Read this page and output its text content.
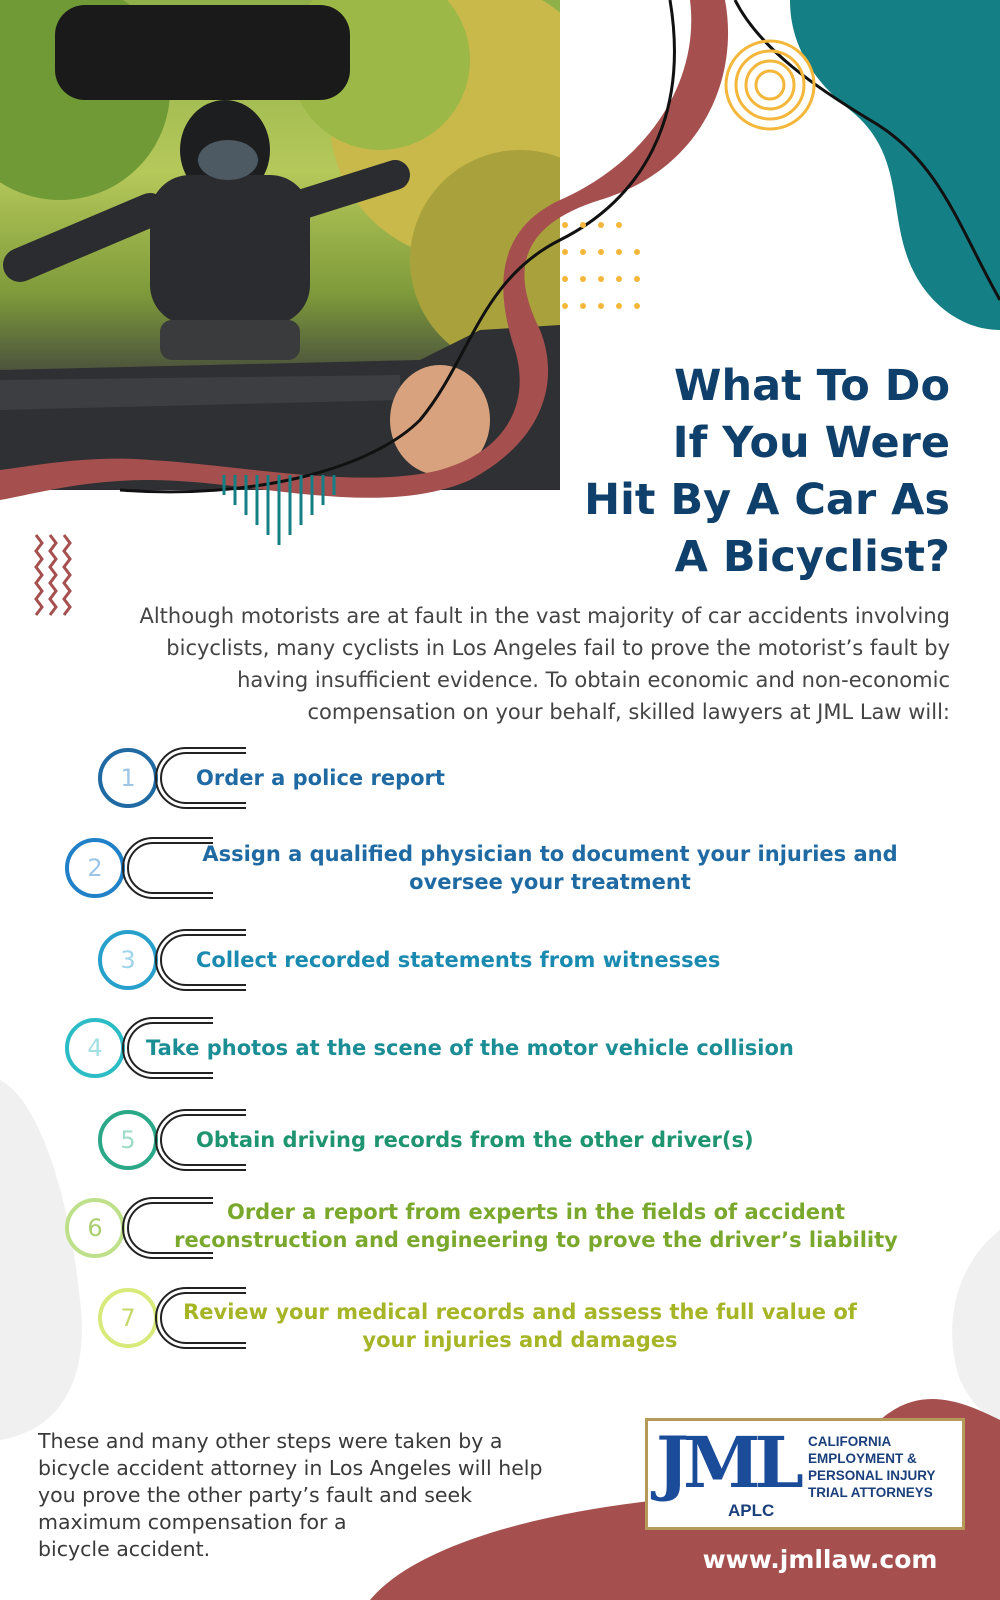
What To Do
If You Were
Hit By A Car As
A Bicyclist?

Although motorists are at fault in the vast majority of car accidents involving bicyclists, many cyclists in Los Angeles fail to prove the motorist’s fault by having insufficient evidence. To obtain economic and non-economic compensation on your behalf, skilled lawyers at JML Law will:

1	Order a police report
2	Assign a qualified physician to document your injuries and oversee your treatment
3	Collect recorded statements from witnesses
4	Take photos at the scene of the motor vehicle collision
5	Obtain driving records from the other driver(s)
6
Order a report from experts in the fields of accident reconstruction and engineering to prove the driver’s liability
7	Review your medical records and assess the full value of your injuries and damages

These and many other steps were taken by a
bicycle accident attorney in Los Angeles will help
you prove the other party’s fault and seek
maximum compensation for a
bicycle accident.

JML
APLC
CALIFORNIA
EMPLOYMENT &
PERSONAL INJURY
TRIAL ATTORNEYS
www.jmllaw.com
